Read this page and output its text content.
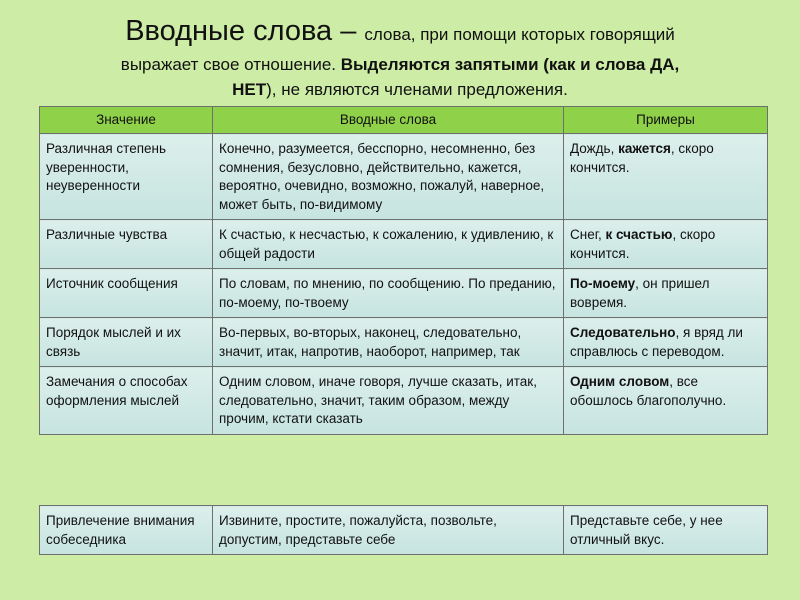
Вводные слова – слова, при помощи которых говорящий
выражает свое отношение. Выделяются запятыми (как и слова ДА,
НЕТ), не являются членами предложения.
Значение	Вводные слова	Примеры
Различная степень уверенности, неуверенности	Конечно, разумеется, бесспорно, несомненно, без сомнения, безусловно, действительно, кажется, вероятно, очевидно, возможно, пожалуй, наверное, может быть, по-видимому	Дождь, кажется, скоро кончится.
Различные чувства	К счастью, к несчастью, к сожалению, к удивлению, к общей радости	Снег, к счастью, скоро кончится.
Источник сообщения	По словам, по мнению, по сообщению. По преданию, по-моему, по-твоему	По-моему, он пришел вовремя.
Порядок мыслей и их связь	Во-первых, во-вторых, наконец, следовательно, значит, итак, напротив, наоборот, например, так	Следовательно, я вряд ли справлюсь с переводом.
Замечания о способах оформления мыслей	Одним словом, иначе говоря, лучше сказать, итак, следовательно, значит, таким образом, между прочим, кстати сказать	Одним словом, все обошлось благополучно.
Привлечение внимания собеседника	Извините, простите, пожалуйста, позвольте, допустим, представьте себе	Представьте себе, у нее отличный вкус.
